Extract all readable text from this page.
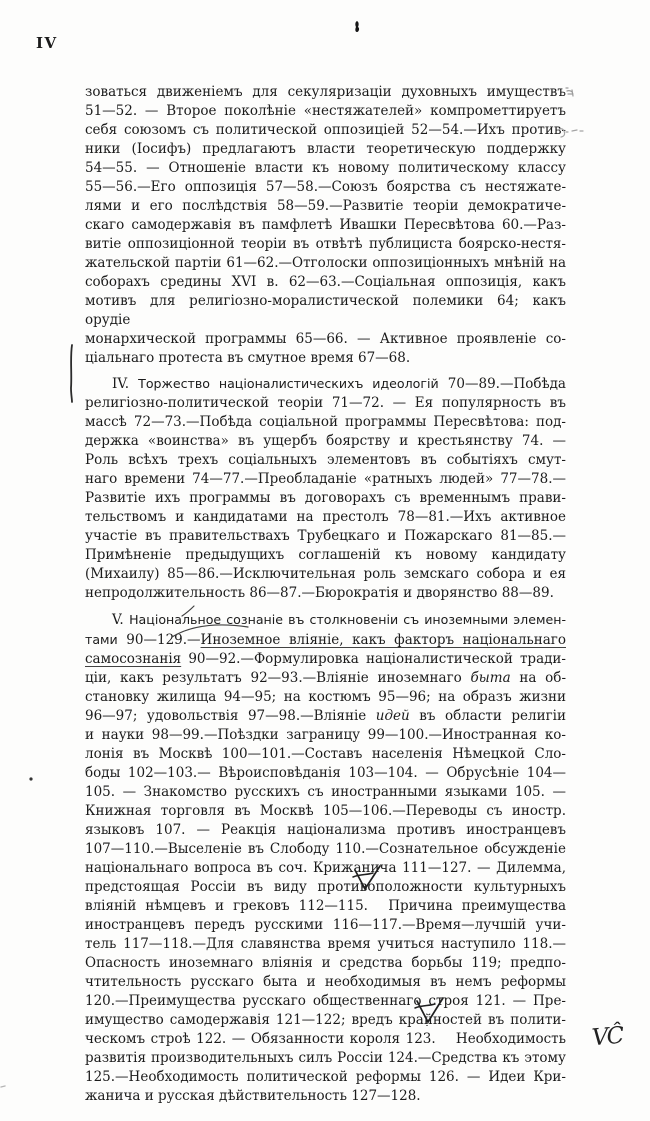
IV
зоваться движеніемъ для секуляризаціи духовныхъ имуществъ
51—52. — Второе поколѣніе «нестяжателей» компрометтируетъ
себя союзомъ съ политической оппозиціей 52—54.—Ихъ против-
ники (Іосифъ) предлагаютъ власти теоретическую поддержку
54—55. — Отношеніе власти къ новому политическому классу
55—56.—Его оппозиція 57—58.—Союзъ боярства съ нестяжате-
лями и его послѣдствія 58—59.—Развитіе теоріи демократиче-
скаго самодержавія въ памфлетѣ Ивашки Пересвѣтова 60.—Раз-
витіе оппозиціонной теоріи въ отвѣтѣ публициста боярско-нестя-
жательской партіи 61—62.—Отголоски оппозиціонныхъ мнѣній на
соборахъ средины XVI в. 62—63.—Соціальная оппозиція, какъ
мотивъ для религіозно-моралистической полемики 64; какъ орудіе
монархической программы 65—66. — Активное проявленіе со-
ціальнаго протеста въ смутное время 67—68.
IV. Торжество націоналистическихъ идеологій 70—89.—Побѣда
религіозно-политической теоріи 71—72. — Ея популярность въ
массѣ 72—73.—Побѣда соціальной программы Пересвѣтова: под-
держка «воинства» въ ущербъ боярству и крестьянству 74. —
Роль всѣхъ трехъ соціальныхъ элементовъ въ событіяхъ смут-
наго времени 74—77.—Преобладаніе «ратныхъ людей» 77—78.—
Развитіе ихъ программы въ договорахъ съ временнымъ прави-
тельствомъ и кандидатами на престолъ 78—81.—Ихъ активное
участіе въ правительствахъ Трубецкаго и Пожарскаго 81—85.—
Примѣненіе предыдущихъ соглашеній къ новому кандидату
(Михаилу) 85—86.—Исключительная роль земскаго собора и ея
непродолжительность 86—87.—Бюрократія и дворянство 88—89.
V. Національное сознаніе въ столкновеніи съ иноземными элемен-
тами 90—129.—Иноземное вліяніе, какъ факторъ національнаго
самосознанія 90—92.—Формулировка націоналистической тради-
ціи, какъ результатъ 92—93.—Вліяніе иноземнаго быта на об-
становку жилища 94—95; на костюмъ 95—96; на образъ жизни
96—97; удовольствія 97—98.—Вліяніе идей въ области религіи
и науки 98—99.—Поѣздки заграницу 99—100.—Иностранная ко-
лонія въ Москвѣ 100—101.—Составъ населенія Нѣмецкой Сло-
боды 102—103.— Вѣроисповѣданія 103—104. — Обрусѣніе 104—
105. — Знакомство русскихъ съ иностранными языками 105. —
Книжная торговля въ Москвѣ 105—106.—Переводы съ иностр.
языковъ 107. — Реакція націонализма противъ иностранцевъ
107—110.—Выселеніе въ Слободу 110.—Сознательное обсужденіе
національнаго вопроса въ соч. Крижанича 111—127. — Дилемма,
предстоящая Россіи въ виду противоположности культурныхъ
вліяній нѣмцевъ и грековъ 112—115.  Причина преимущества
иностранцевъ передъ русскими 116—117.—Время—лучшій учи-
тель 117—118.—Для славянства время учиться наступило 118.—
Опасность иноземнаго вліянія и средства борьбы 119; предпо-
чтительность русскаго быта и необходимыя въ немъ реформы
120.—Преимущества русскаго общественнаго строя 121. — Пре-
имущество самодержавія 121—122; вредъ крайностей въ полити-
ческомъ строѣ 122. — Обязанности короля 123.  Необходимость
развитія производительныхъ силъ Россіи 124.—Средства къ этому
125.—Необходимость политической реформы 126. — Идеи Кри-
жанича и русская дѣйствительность 127—128.
VĈ
